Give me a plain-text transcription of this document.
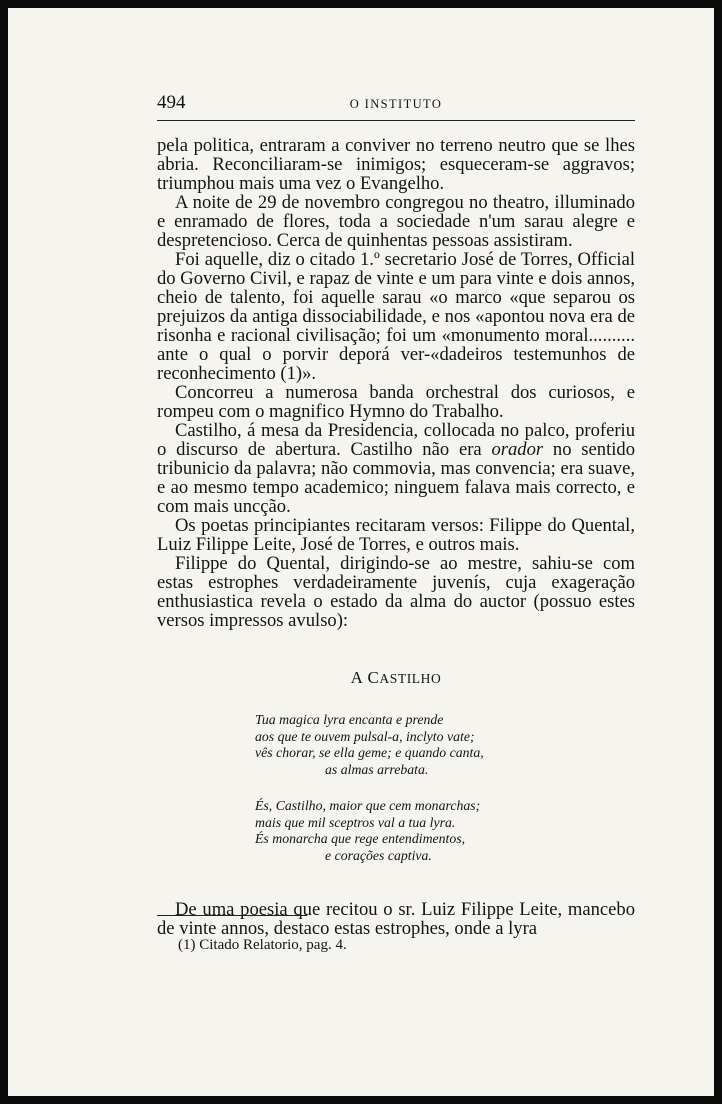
494	O INSTITUTO

pela politica, entraram a conviver no terreno neutro que se lhes abria. Reconciliaram-se inimigos; esqueceram-se aggravos; triumphou mais uma vez o Evangelho.

A noite de 29 de novembro congregou no theatro, illuminado e enramado de flores, toda a sociedade n'um sarau alegre e despretencioso. Cerca de quinhentas pessoas assistiram.

Foi aquelle, diz o citado 1.º secretario José de Torres, Official do Governo Civil, e rapaz de vinte e um para vinte e dois annos, cheio de talento, foi aquelle sarau «o marco «que separou os prejuizos da antiga dissociabilidade, e nos «apontou nova era de risonha e racional civilisação; foi um «monumento moral.......... ante o qual o porvir deporá ver-«dadeiros testemunhos de reconhecimento (1)».

Concorreu a numerosa banda orchestral dos curiosos, e rompeu com o magnifico Hymno do Trabalho.

Castilho, á mesa da Presidencia, collocada no palco, proferiu o discurso de abertura. Castilho não era orador no sentido tribunicio da palavra; não commovia, mas convencia; era suave, e ao mesmo tempo academico; ninguem falava mais correcto, e com mais uncção.

Os poetas principiantes recitaram versos: Filippe do Quental, Luiz Filippe Leite, José de Torres, e outros mais.

Filippe do Quental, dirigindo-se ao mestre, sahiu-se com estas estrophes verdadeiramente juvenís, cuja exageração enthusiastica revela o estado da alma do auctor (possuo estes versos impressos avulso):

A CASTILHO
Tua magica lyra encanta e prende
aos que te ouvem pulsal-a, inclyto vate;
vês chorar, se ella geme; e quando canta,
as almas arrebata.
És, Castilho, maior que cem monarchas;
mais que mil sceptros val a tua lyra.
És monarcha que rege entendimentos,
e corações captiva.

De uma poesia que recitou o sr. Luiz Filippe Leite, mancebo de vinte annos, destaco estas estrophes, onde a lyra

(1) Citado Relatorio, pag. 4.
